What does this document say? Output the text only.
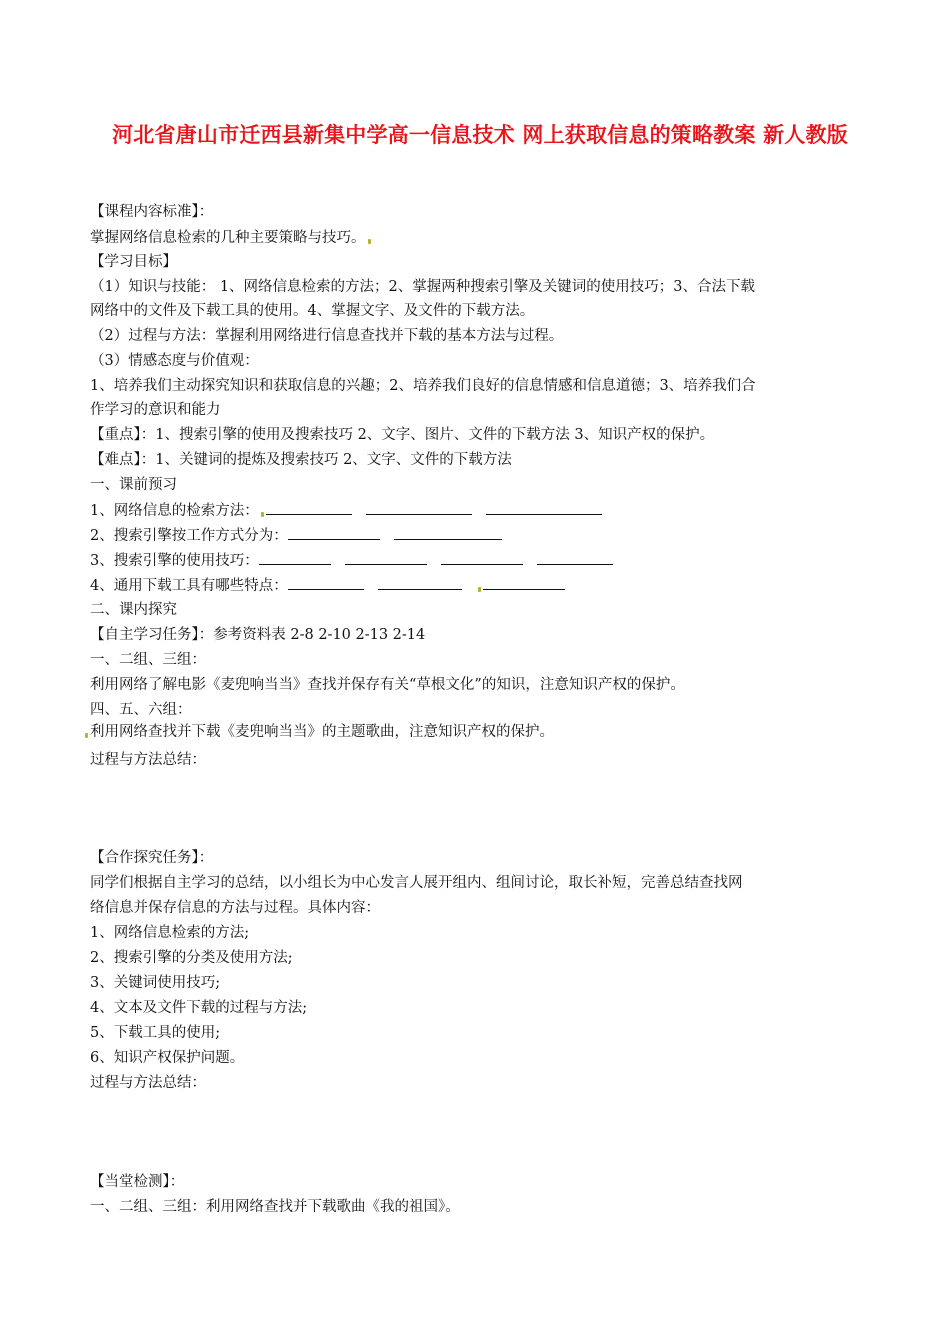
河北省唐山市迁西县新集中学高一信息技术 网上获取信息的策略教案 新人教版
【课程内容标准】：
掌握网络信息检索的几种主要策略与技巧。
【学习目标】
（1）知识与技能： 1、网络信息检索的方法；2、掌握两种搜索引擎及关键词的使用技巧；3、合法下载
网络中的文件及下载工具的使用。4、掌握文字、及文件的下载方法。
（2）过程与方法：掌握利用网络进行信息查找并下载的基本方法与过程。
（3）情感态度与价值观：
1、培养我们主动探究知识和获取信息的兴趣；2、培养我们良好的信息情感和信息道德；3、培养我们合
作学习的意识和能力
【重点】：1、搜索引擎的使用及搜索技巧 2、文字、图片、文件的下载方法 3、知识产权的保护。
【难点】：1、关键词的提炼及搜索技巧 2、文字、文件的下载方法
一、课前预习
1、网络信息的检索方法：
2、搜索引擎按工作方式分为：
3、搜索引擎的使用技巧：
4、通用下载工具有哪些特点：
二、课内探究
【自主学习任务】：参考资料表 2-8 2-10 2-13 2-14
一、二组、三组：
利用网络了解电影《麦兜响当当》查找并保存有关“草根文化”的知识，注意知识产权的保护。
四、五、六组：
利用网络查找并下载《麦兜响当当》的主题歌曲，注意知识产权的保护。
过程与方法总结：
【合作探究任务】：
同学们根据自主学习的总结，以小组长为中心发言人展开组内、组间讨论，取长补短，完善总结查找网
络信息并保存信息的方法与过程。具体内容：
1、网络信息检索的方法;
2、搜索引擎的分类及使用方法;
3、关键词使用技巧;
4、文本及文件下载的过程与方法;
5、下载工具的使用;
6、知识产权保护问题。
过程与方法总结：
【当堂检测】：
一、二组、三组：利用网络查找并下载歌曲《我的祖国》。
